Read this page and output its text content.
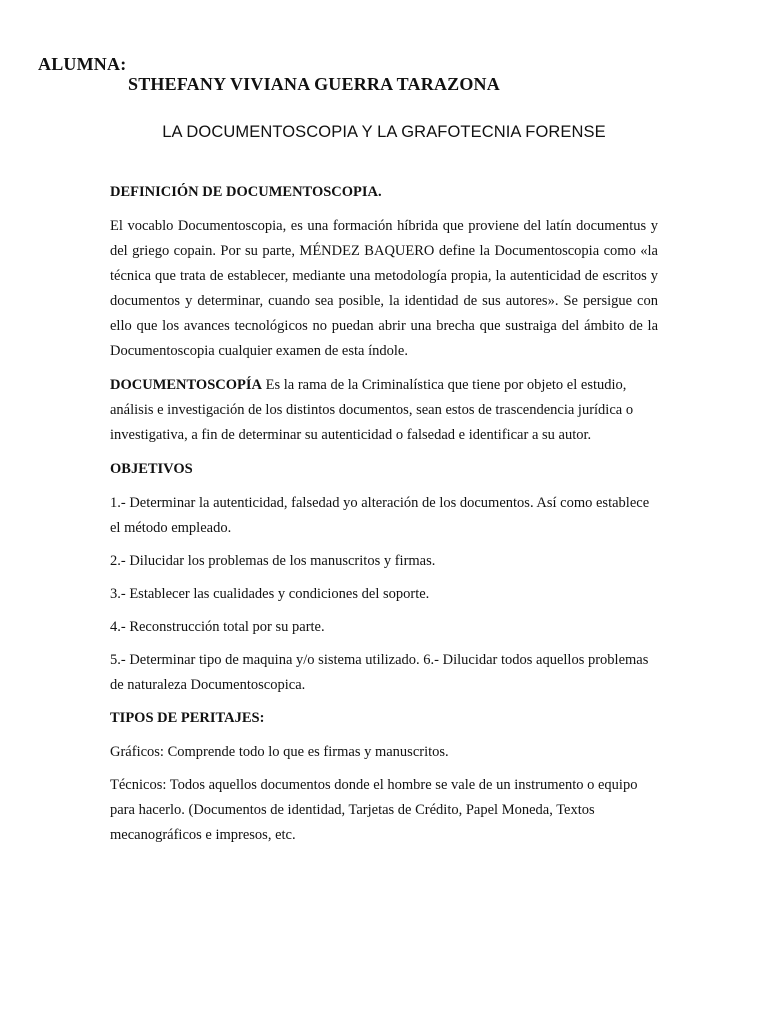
ALUMNA:
STHEFANY VIVIANA GUERRA TARAZONA
LA DOCUMENTOSCOPIA Y LA GRAFOTECNIA FORENSE
DEFINICIÓN DE DOCUMENTOSCOPIA.

El vocablo Documentoscopia, es una formación híbrida que proviene del latín documentus y del griego copain. Por su parte, MÉNDEZ BAQUERO define la Documentoscopia como «la técnica que trata de establecer, mediante una metodología propia, la autenticidad de escritos y documentos y determinar, cuando sea posible, la identidad de sus autores». Se persigue con ello que los avances tecnológicos no puedan abrir una brecha que sustraiga del ámbito de la Documentoscopia cualquier examen de esta índole.

DOCUMENTOSCOPÍA Es la rama de la Criminalística que tiene por objeto el estudio, análisis e investigación de los distintos documentos, sean estos de trascendencia jurídica o investigativa, a fin de determinar su autenticidad o falsedad e identificar a su autor.

OBJETIVOS

1.- Determinar la autenticidad, falsedad yo alteración de los documentos. Así como establece el método empleado.

2.- Dilucidar los problemas de los manuscritos y firmas.

3.- Establecer las cualidades y condiciones del soporte.

4.- Reconstrucción total por su parte.

5.- Determinar tipo de maquina y/o sistema utilizado. 6.- Dilucidar todos aquellos problemas de naturaleza Documentoscopica.

TIPOS DE PERITAJES:

Gráficos: Comprende todo lo que es firmas y manuscritos.

Técnicos: Todos aquellos documentos donde el hombre se vale de un instrumento o equipo para hacerlo. (Documentos de identidad, Tarjetas de Crédito, Papel Moneda, Textos mecanográficos e impresos, etc.
